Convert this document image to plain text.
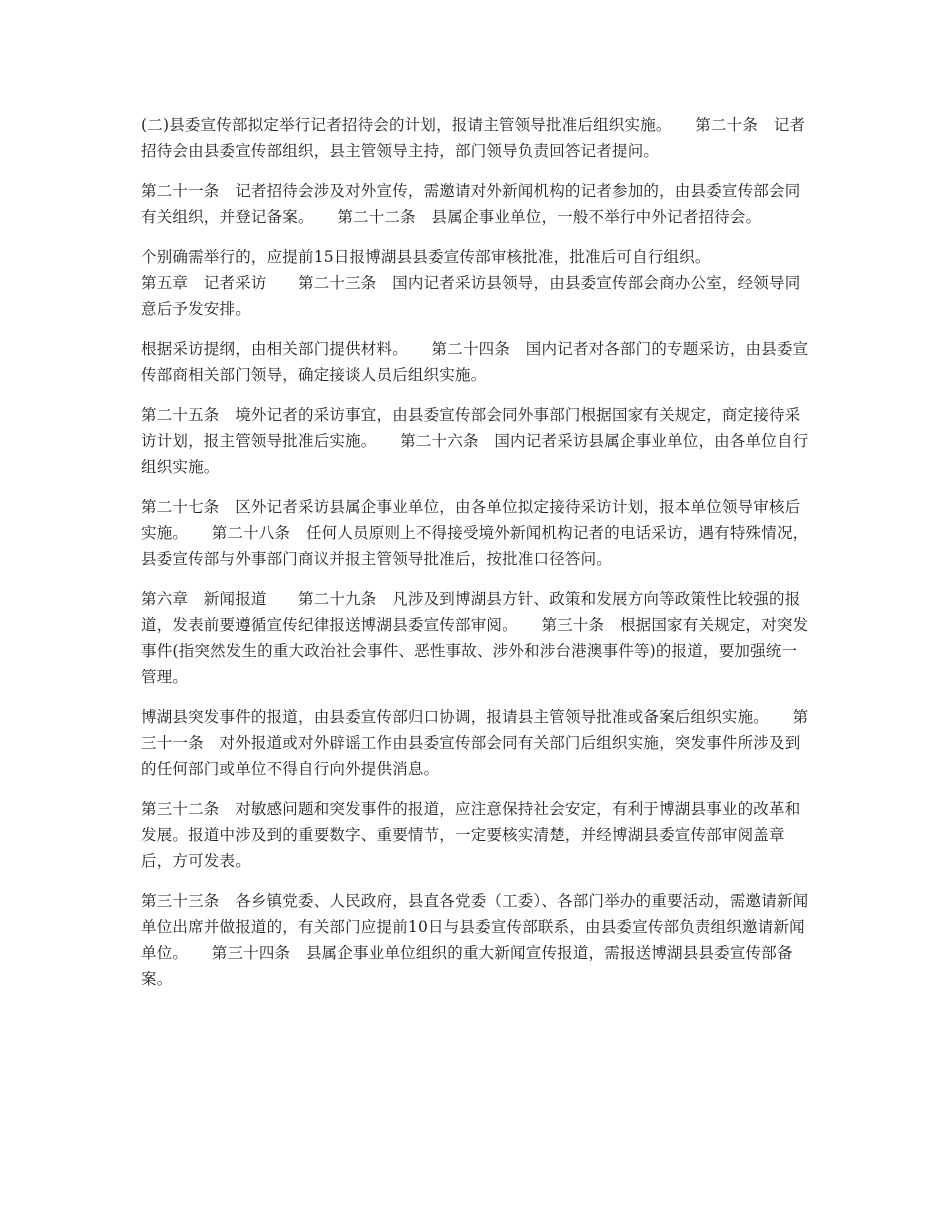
(二)县委宣传部拟定举行记者招待会的计划，报请主管领导批准后组织实施。　　第二十条　记者招待会由县委宣传部组织，县主管领导主持，部门领导负责回答记者提问。

第二十一条　记者招待会涉及对外宣传，需邀请对外新闻机构的记者参加的，由县委宣传部会同有关组织，并登记备案。　　第二十二条　县属企事业单位，一般不举行中外记者招待会。

个别确需举行的，应提前15日报博湖县县委宣传部审核批准，批准后可自行组织。

第五章　记者采访　　第二十三条　国内记者采访县领导，由县委宣传部会商办公室，经领导同意后予发安排。

根据采访提纲，由相关部门提供材料。　　第二十四条　国内记者对各部门的专题采访，由县委宣传部商相关部门领导，确定接谈人员后组织实施。

第二十五条　境外记者的采访事宜，由县委宣传部会同外事部门根据国家有关规定，商定接待采访计划，报主管领导批准后实施。　　第二十六条　国内记者采访县属企事业单位，由各单位自行组织实施。

第二十七条　区外记者采访县属企事业单位，由各单位拟定接待采访计划，报本单位领导审核后实施。　　第二十八条　任何人员原则上不得接受境外新闻机构记者的电话采访，遇有特殊情况，县委宣传部与外事部门商议并报主管领导批准后，按批准口径答问。

第六章　新闻报道　　第二十九条　凡涉及到博湖县方针、政策和发展方向等政策性比较强的报道，发表前要遵循宣传纪律报送博湖县委宣传部审阅。　　第三十条　根据国家有关规定，对突发事件(指突然发生的重大政治社会事件、恶性事故、涉外和涉台港澳事件等)的报道，要加强统一管理。

博湖县突发事件的报道，由县委宣传部归口协调，报请县主管领导批准或备案后组织实施。　　第三十一条　对外报道或对外辟谣工作由县委宣传部会同有关部门后组织实施，突发事件所涉及到的任何部门或单位不得自行向外提供消息。

第三十二条　对敏感问题和突发事件的报道，应注意保持社会安定，有利于博湖县事业的改革和发展。报道中涉及到的重要数字、重要情节，一定要核实清楚，并经博湖县委宣传部审阅盖章后，方可发表。

第三十三条　各乡镇党委、人民政府，县直各党委（工委）、各部门举办的重要活动，需邀请新闻单位出席并做报道的，有关部门应提前10日与县委宣传部联系，由县委宣传部负责组织邀请新闻单位。　　第三十四条　县属企事业单位组织的重大新闻宣传报道，需报送博湖县县委宣传部备案。
